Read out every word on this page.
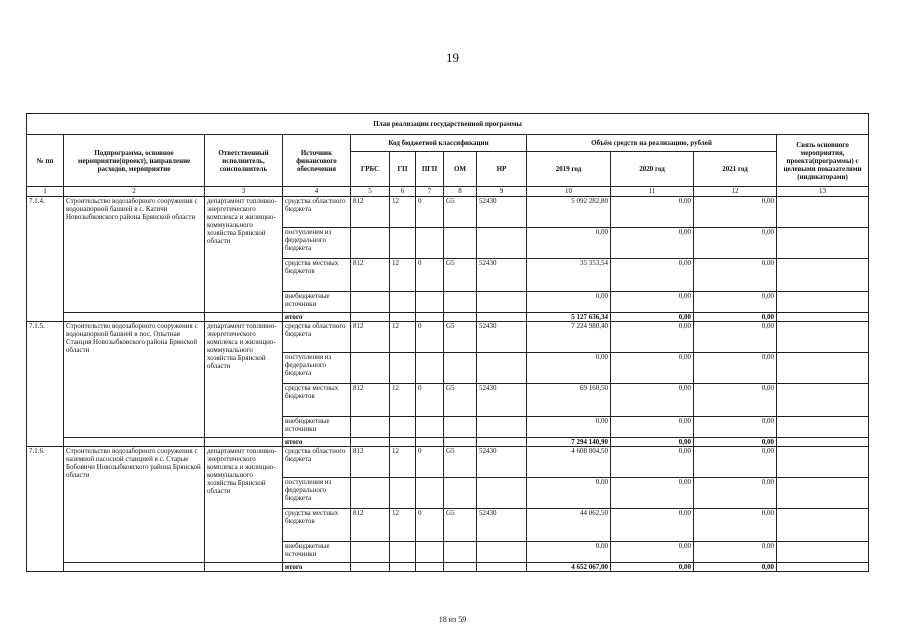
19
План реализации государственной программы												
№ пп	Подпрограмма, основное мероприятие(проект), направление расходов, мероприятие	Ответственный исполнитель, соисполнитель	Источник финансового обеспечения	Код бюджетной классификации					Объём средств на реализацию, рублей			Связь основного мероприятия, проекта(программы) с целевыми показателями (индикаторами)
				ГРБС	ГП	ПГП	ОМ	НР	2019 год	2020 год	2021 год	
1	2	3	4	5	6	7	8	9	10	11	12	13
7.1.4.	Строительство водозаборного сооружения с водонапорной башней в с. Катичи Новозыбковского района Брянской области	департамент топливно-энергетического комплекса и жилищно-коммунального хозяйства Брянской области	средства областного бюджета	812	12	0	G5	52430	5 092 282,80	0,00	0,00	
			поступления из федерального бюджета						0,00	0,00	0,00	
			средства местных бюджетов	812	12	0	G5	52430	35 353,54	0,00	0,00	
			внебюджетные источники						0,00	0,00	0,00	
			итого						5 127 636,34	0,00	0,00	
7.1.5.	Строительство водозаборного сооружения с водонапорной башней в пос. Опытная Станция Новозыбковского района Брянской области	департамент топливно-энергетического комплекса и жилищно-коммунального хозяйства Брянской области	средства областного бюджета	812	12	0	G5	52430	7 224 980,40	0,00	0,00	
			поступления из федерального бюджета						0,00	0,00	0,00	
			средства местных бюджетов	812	12	0	G5	52430	69 160,50	0,00	0,00	
			внебюджетные источники						0,00	0,00	0,00	
			итого						7 294 140,90	0,00	0,00	
7.1.6.	Строительство водозаборного сооружения с наземной насосной станцией в с. Старые Бобовичи Новозыбковского района Брянской области	департамент топливно-энергетического комплекса и жилищно-коммунального хозяйства Брянской области	средства областного бюджета	812	12	0	G5	52430	4 608 004,50	0,00	0,00	
			поступления из федерального бюджета						0,00	0,00	0,00	
			средства местных бюджетов	812	12	0	G5	52430	44 062,50	0,00	0,00	
			внебюджетные источники						0,00	0,00	0,00	
			итого						4 652 067,00	0,00	0,00	
18 из 59
